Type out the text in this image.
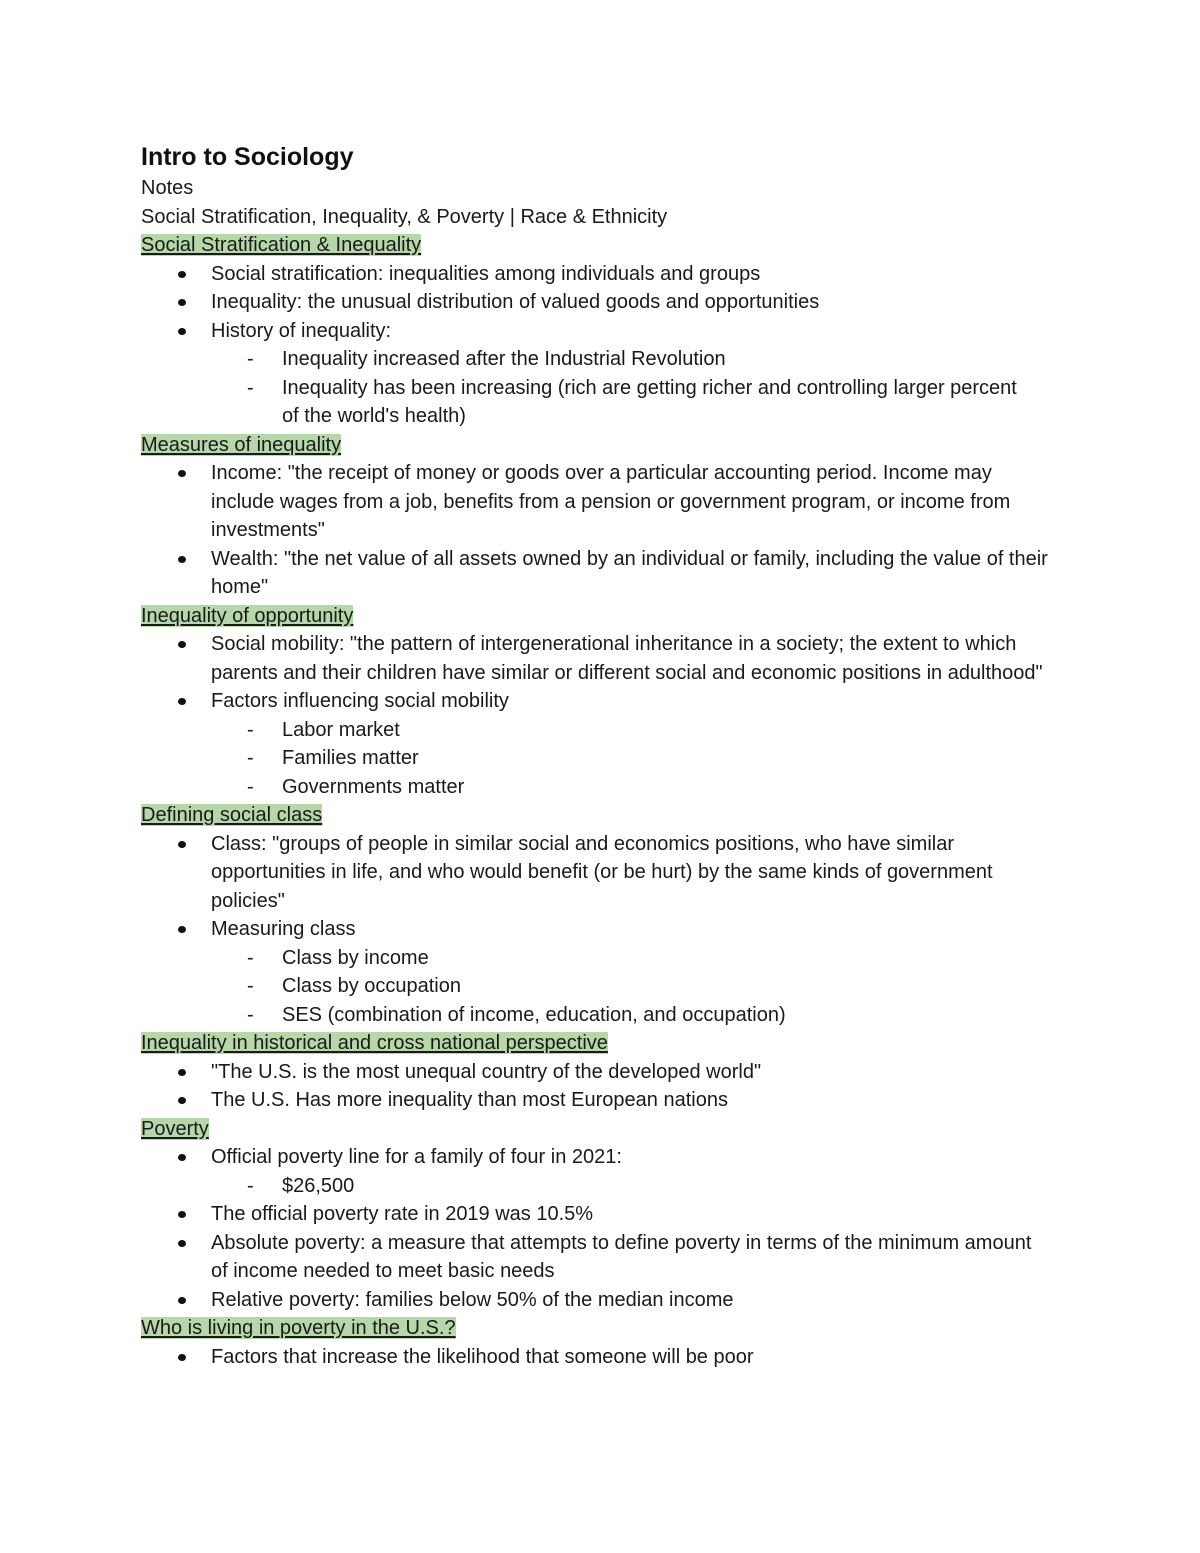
Intro to Sociology

Notes

Social Stratification, Inequality, & Poverty | Race & Ethnicity

Social Stratification & Inequality

Social stratification: inequalities among individuals and groups
Inequality: the unusual distribution of valued goods and opportunities
History of inequality:
- Inequality increased after the Industrial Revolution
- Inequality has been increasing (rich are getting richer and controlling larger percent of the world's health)

Measures of inequality

Income: "the receipt of money or goods over a particular accounting period. Income may include wages from a job, benefits from a pension or government program, or income from investments"
Wealth: "the net value of all assets owned by an individual or family, including the value of their home"

Inequality of opportunity

Social mobility: "the pattern of intergenerational inheritance in a society; the extent to which parents and their children have similar or different social and economic positions in adulthood"
Factors influencing social mobility
- Labor market
- Families matter
- Governments matter

Defining social class

Class: "groups of people in similar social and economics positions, who have similar opportunities in life, and who would benefit (or be hurt) by the same kinds of government policies"
Measuring class
- Class by income
- Class by occupation
- SES (combination of income, education, and occupation)

Inequality in historical and cross national perspective

"The U.S. is the most unequal country of the developed world"
The U.S. Has more inequality than most European nations

Poverty

Official poverty line for a family of four in 2021:
- $26,500
The official poverty rate in 2019 was 10.5%
Absolute poverty: a measure that attempts to define poverty in terms of the minimum amount of income needed to meet basic needs
Relative poverty: families below 50% of the median income

Who is living in poverty in the U.S.?

Factors that increase the likelihood that someone will be poor
